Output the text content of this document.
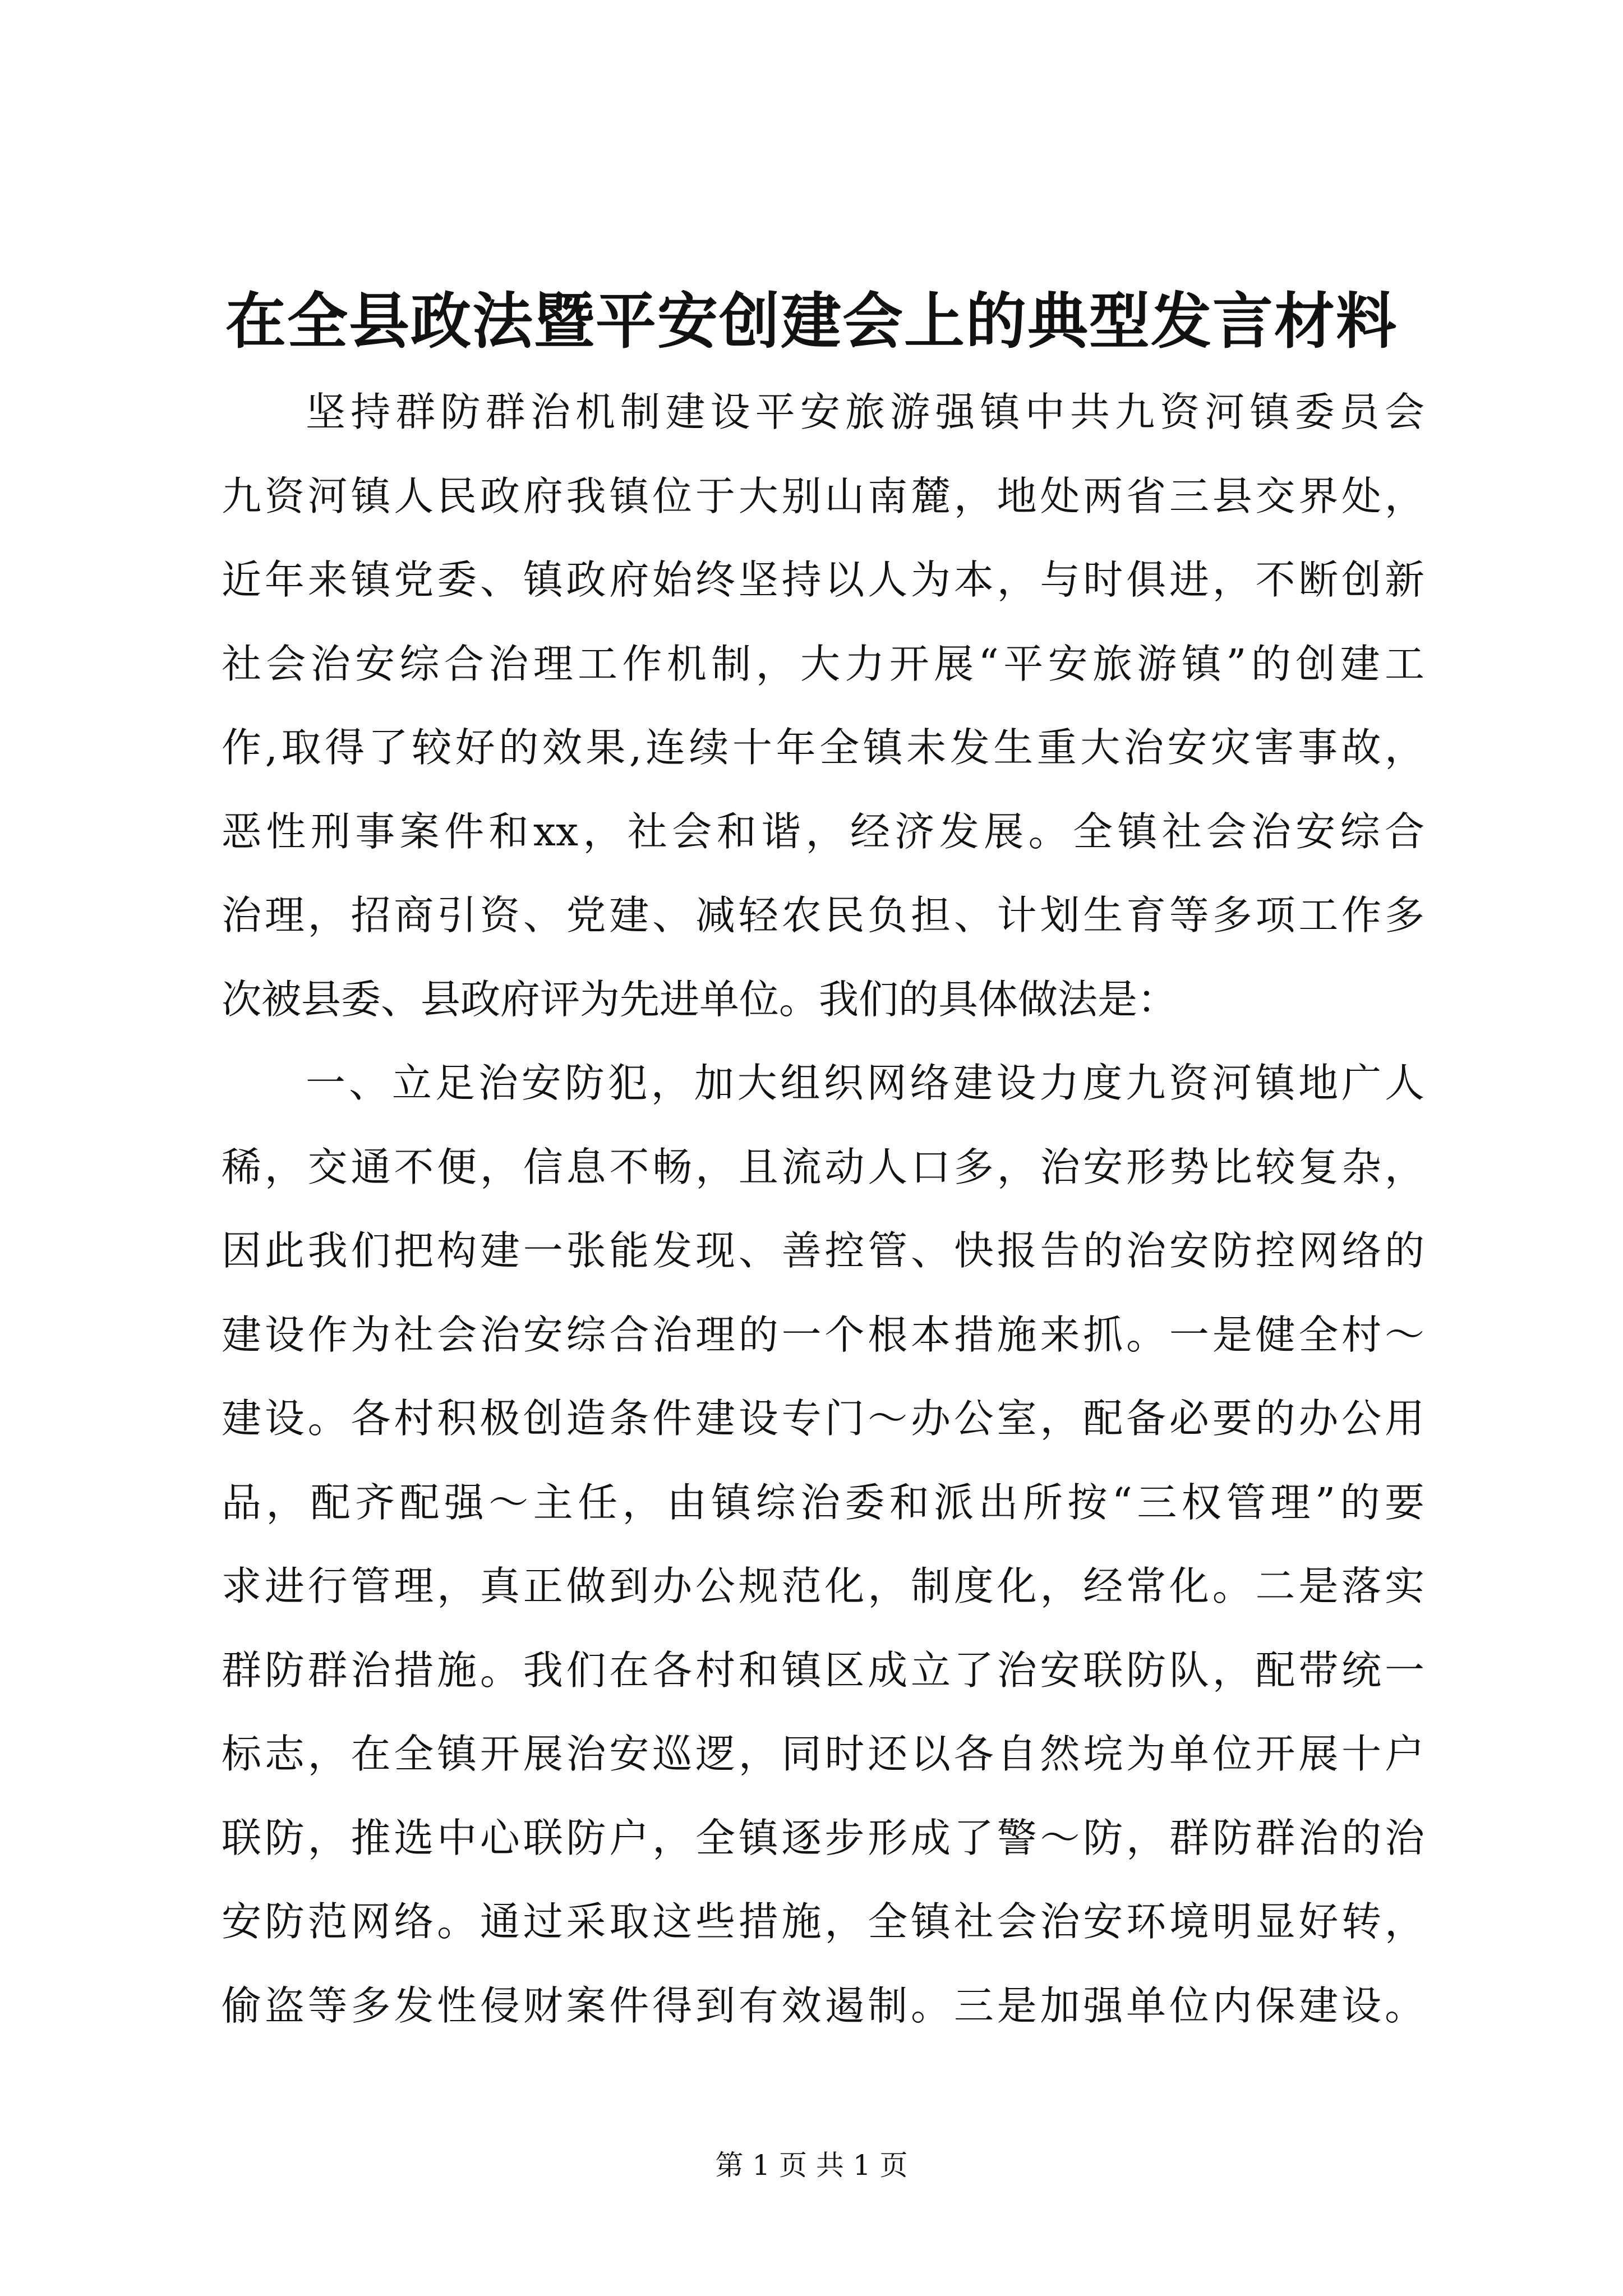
在全县政法暨平安创建会上的典型发言材料
坚持群防群治机制建设平安旅游强镇中共九资河镇委员会
九资河镇人民政府我镇位于大别山南麓，地处两省三县交界处，
近年来镇党委、镇政府始终坚持以人为本，与时俱进，不断创新
社会治安综合治理工作机制，大力开展“平安旅游镇”的创建工
作,取得了较好的效果,连续十年全镇未发生重大治安灾害事故，
恶性刑事案件和xx，社会和谐，经济发展。全镇社会治安综合
治理，招商引资、党建、减轻农民负担、计划生育等多项工作多
次被县委、县政府评为先进单位。我们的具体做法是：
一、立足治安防犯，加大组织网络建设力度九资河镇地广人
稀，交通不便，信息不畅，且流动人口多，治安形势比较复杂，
因此我们把构建一张能发现、善控管、快报告的治安防控网络的
建设作为社会治安综合治理的一个根本措施来抓。一是健全村～
建设。各村积极创造条件建设专门～办公室，配备必要的办公用
品，配齐配强～主任，由镇综治委和派出所按“三权管理”的要
求进行管理，真正做到办公规范化，制度化，经常化。二是落实
群防群治措施。我们在各村和镇区成立了治安联防队，配带统一
标志，在全镇开展治安巡逻，同时还以各自然垸为单位开展十户
联防，推选中心联防户，全镇逐步形成了警～防，群防群治的治
安防范网络。通过采取这些措施，全镇社会治安环境明显好转，
偷盗等多发性侵财案件得到有效遏制。三是加强单位内保建设。
第 1 页 共 1 页
